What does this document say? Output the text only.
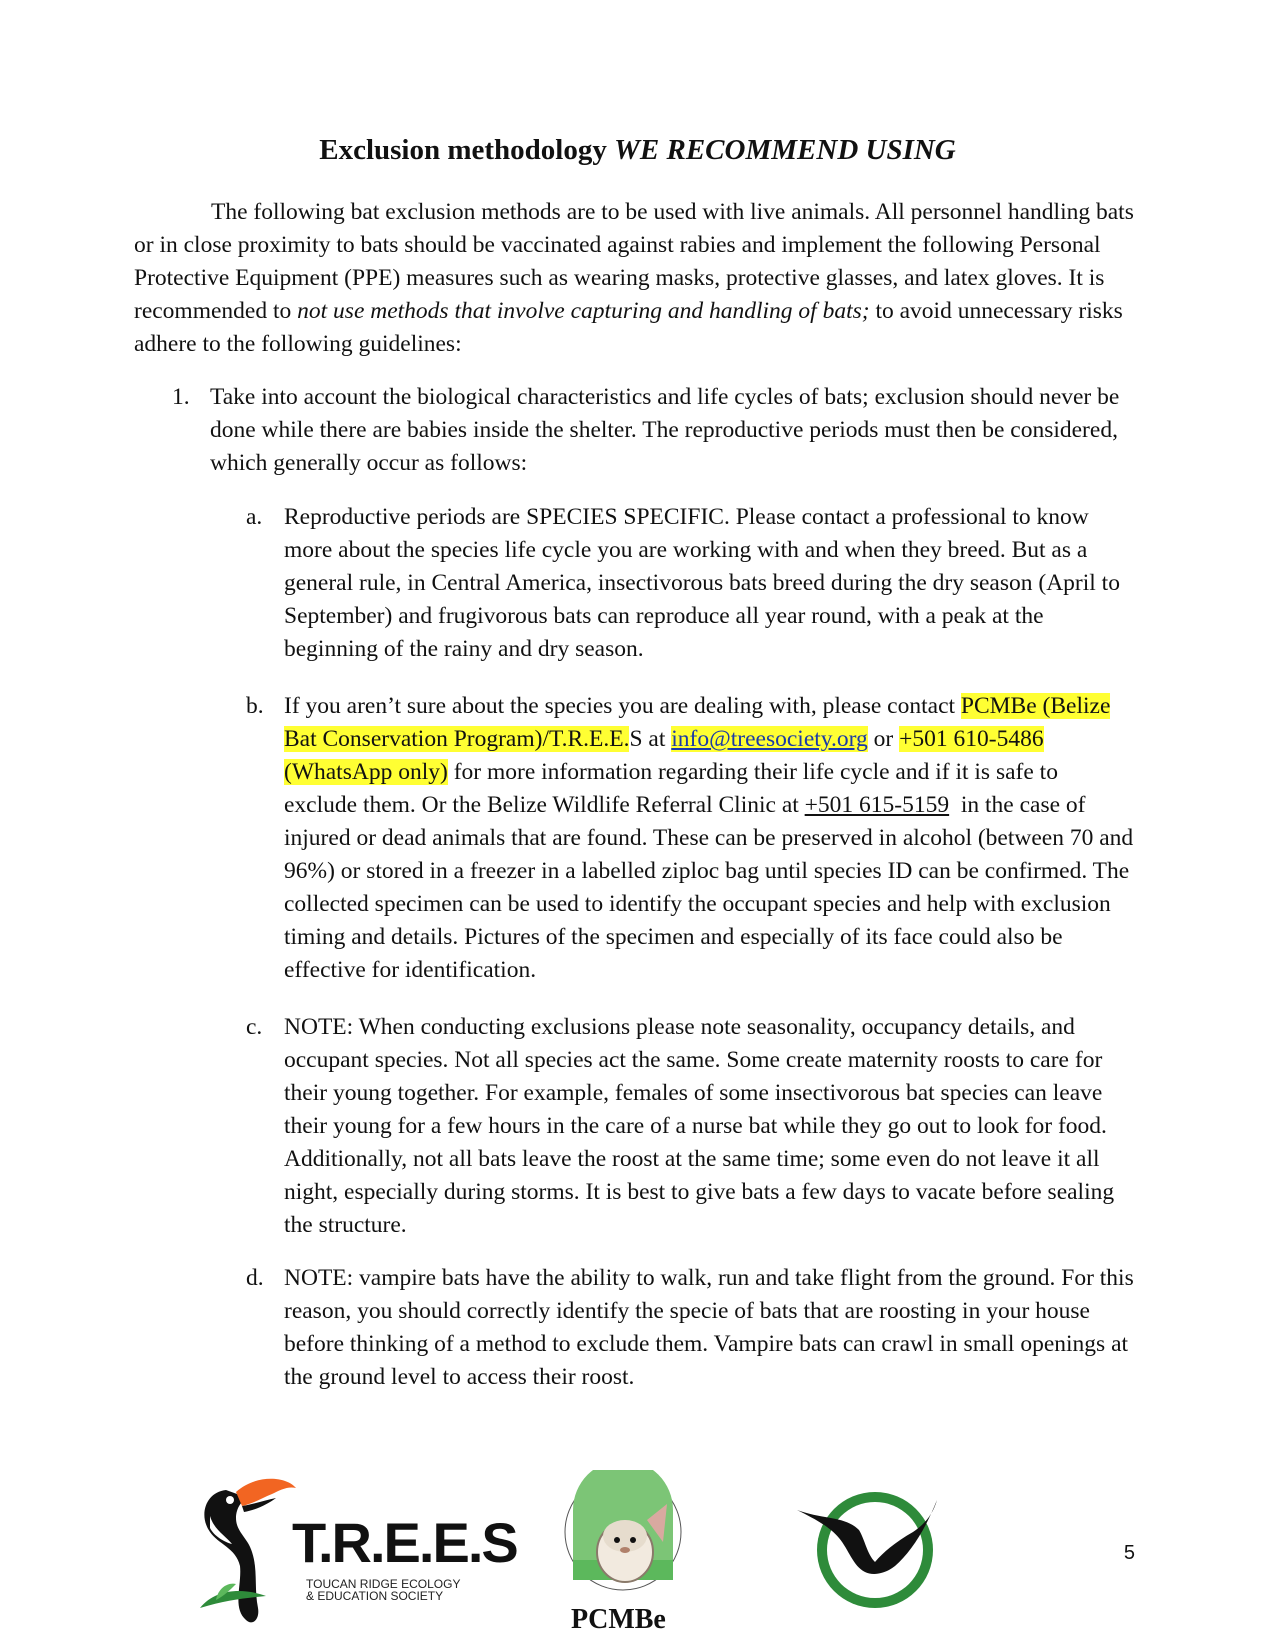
Exclusion methodology WE RECOMMEND USING
The following bat exclusion methods are to be used with live animals. All personnel handling bats or in close proximity to bats should be vaccinated against rabies and implement the following Personal Protective Equipment (PPE) measures such as wearing masks, protective glasses, and latex gloves. It is recommended to not use methods that involve capturing and handling of bats; to avoid unnecessary risks adhere to the following guidelines:
1. Take into account the biological characteristics and life cycles of bats; exclusion should never be done while there are babies inside the shelter. The reproductive periods must then be considered, which generally occur as follows:
a. Reproductive periods are SPECIES SPECIFIC. Please contact a professional to know more about the species life cycle you are working with and when they breed. But as a general rule, in Central America, insectivorous bats breed during the dry season (April to September) and frugivorous bats can reproduce all year round, with a peak at the beginning of the rainy and dry season.
b. If you aren’t sure about the species you are dealing with, please contact PCMBe (Belize Bat Conservation Program)/T.R.E.E.S at info@treesociety.org or +501 610-5486 (WhatsApp only) for more information regarding their life cycle and if it is safe to exclude them. Or the Belize Wildlife Referral Clinic at +501 615-5159  in the case of injured or dead animals that are found. These can be preserved in alcohol (between 70 and 96%) or stored in a freezer in a labelled ziploc bag until species ID can be confirmed. The collected specimen can be used to identify the occupant species and help with exclusion timing and details. Pictures of the specimen and especially of its face could also be effective for identification.
c. NOTE: When conducting exclusions please note seasonality, occupancy details, and occupant species. Not all species act the same. Some create maternity roosts to care for their young together. For example, females of some insectivorous bat species can leave their young for a few hours in the care of a nurse bat while they go out to look for food. Additionally, not all bats leave the roost at the same time; some even do not leave it all night, especially during storms. It is best to give bats a few days to vacate before sealing the structure.
d. NOTE: vampire bats have the ability to walk, run and take flight from the ground. For this reason, you should correctly identify the specie of bats that are roosting in your house before thinking of a method to exclude them. Vampire bats can crawl in small openings at the ground level to access their roost.
T.R.E.E.S
TOUCAN RIDGE ECOLOGY
& EDUCATION SOCIETY
PCMBe
5
